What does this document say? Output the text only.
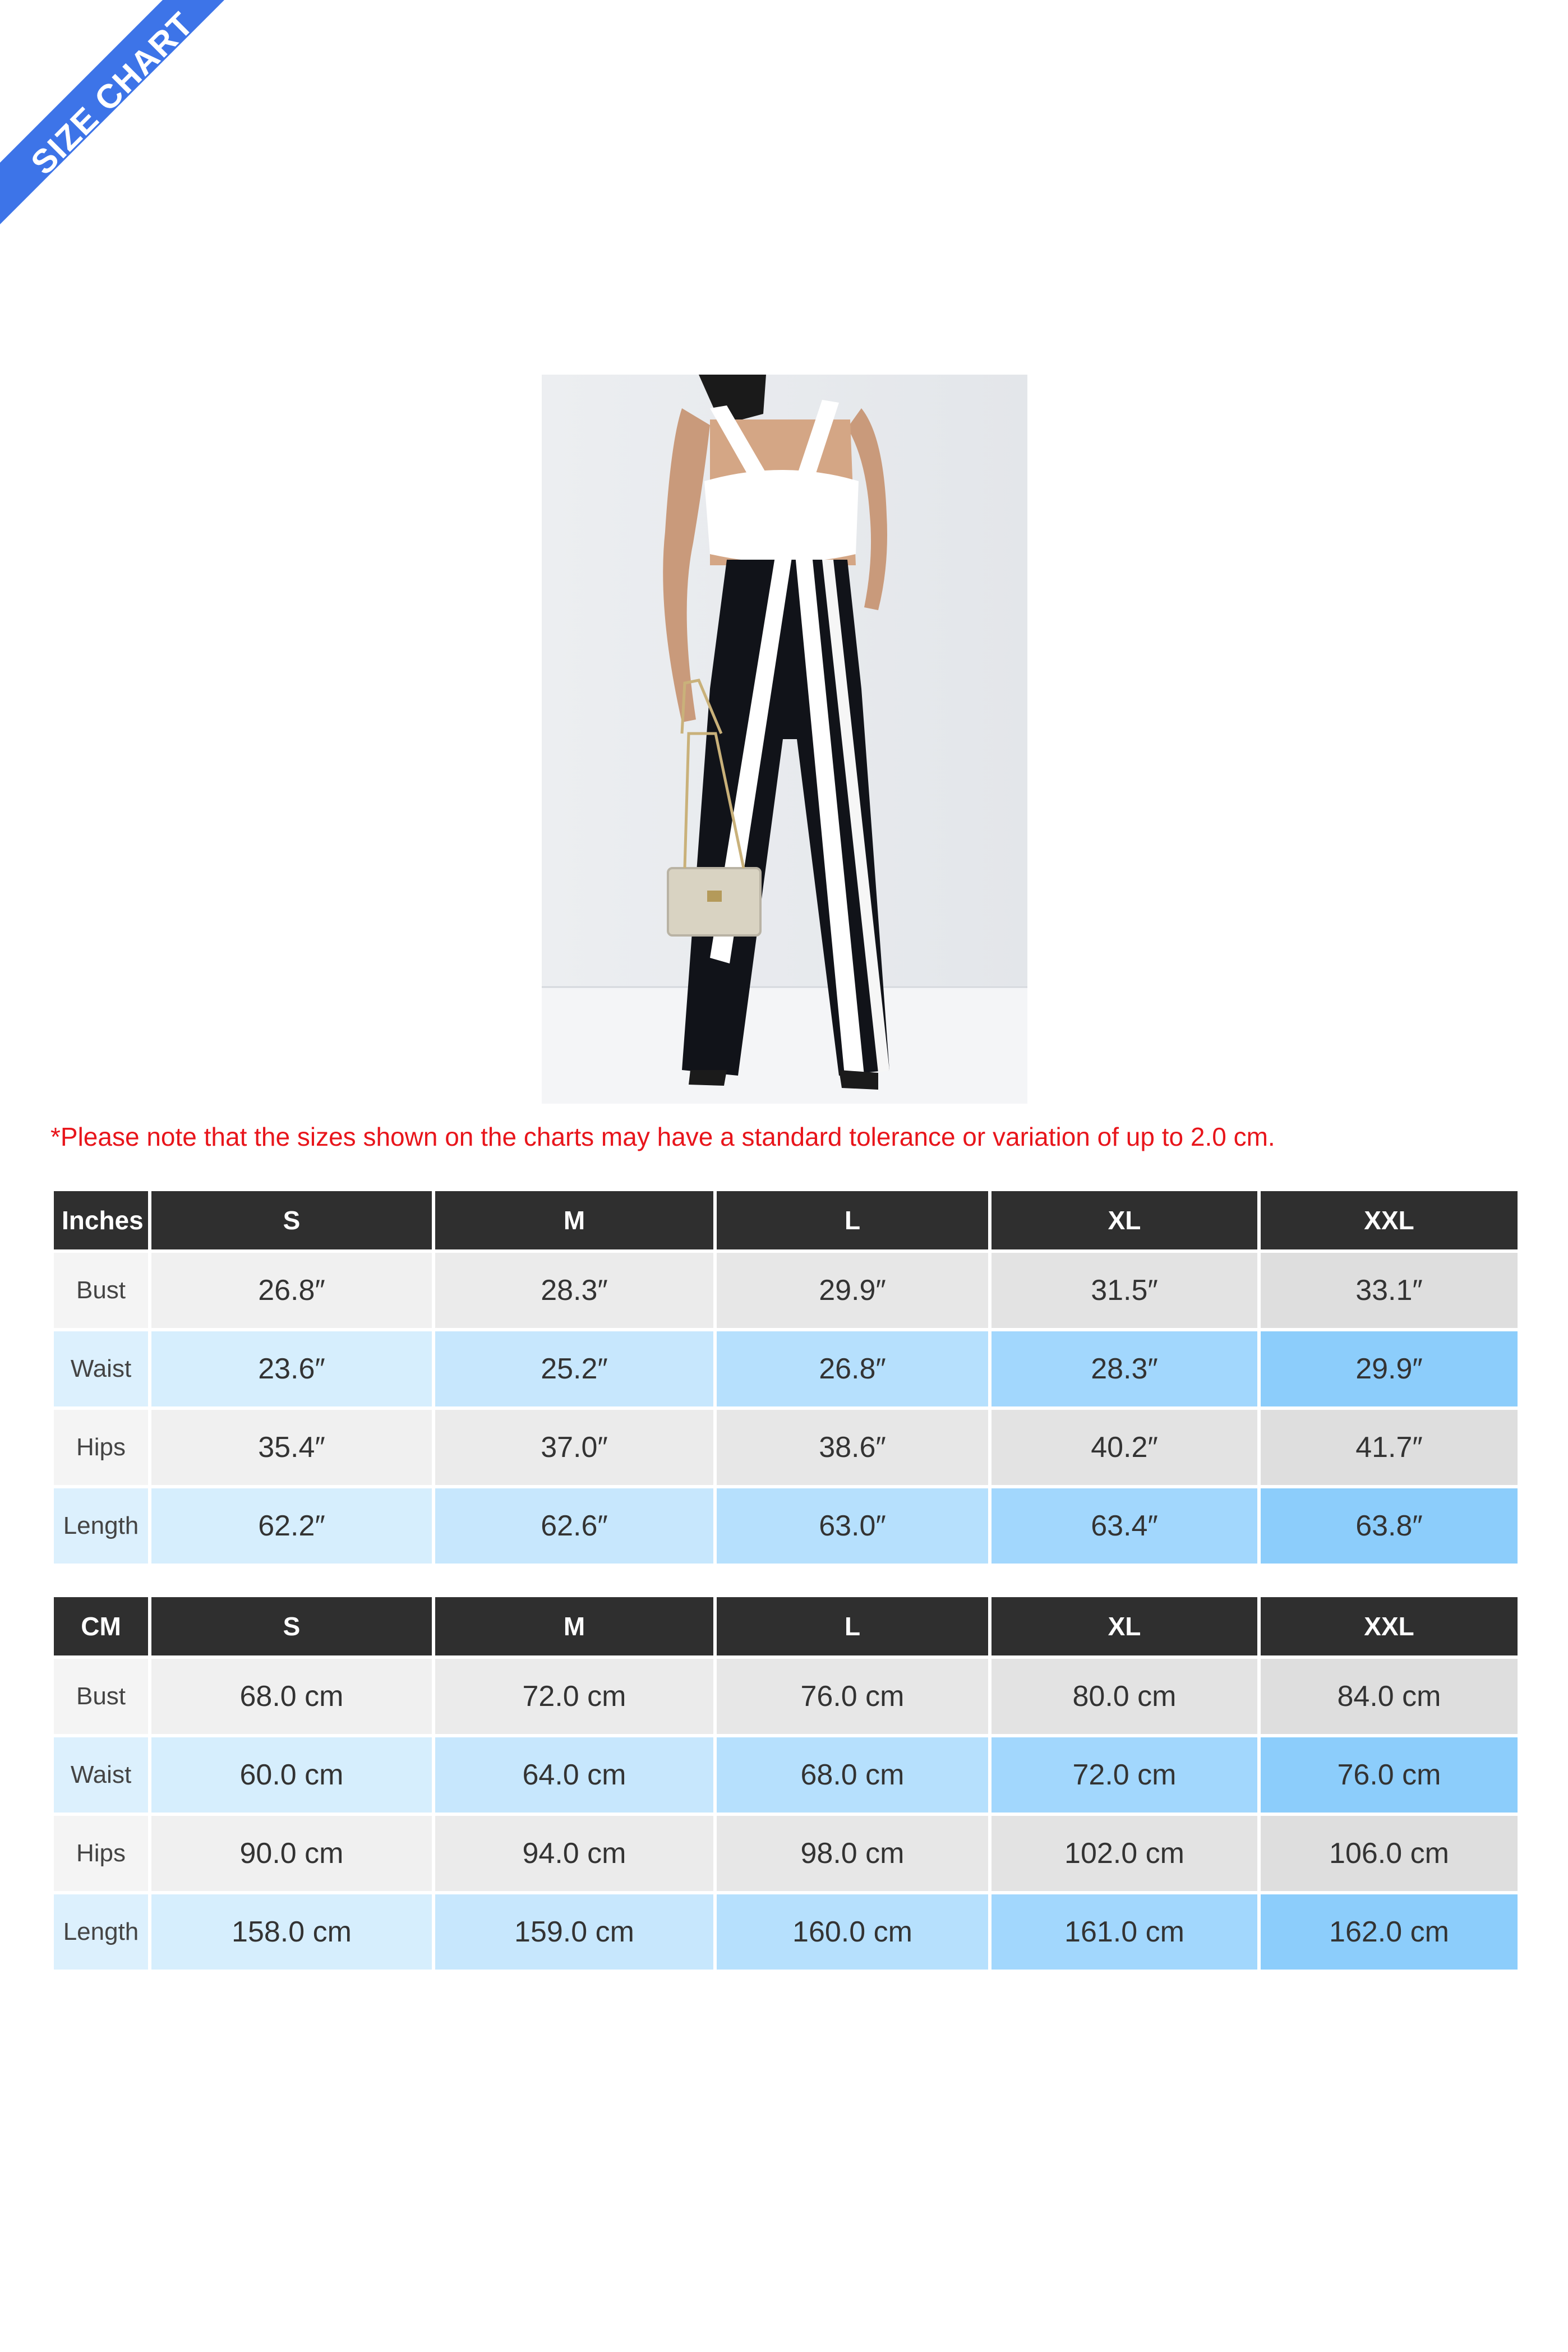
SIZE CHART
*Please note that the sizes shown on the charts may have a standard tolerance or variation of up to 2.0 cm.
Inches	S	M	L	XL	XXL
Bust	26.8″	28.3″	29.9″	31.5″	33.1″
Waist	23.6″	25.2″	26.8″	28.3″	29.9″
Hips	35.4″	37.0″	38.6″	40.2″	41.7″
Length	62.2″	62.6″	63.0″	63.4″	63.8″
CM	S	M	L	XL	XXL
Bust	68.0 cm	72.0 cm	76.0 cm	80.0 cm	84.0 cm
Waist	60.0 cm	64.0 cm	68.0 cm	72.0 cm	76.0 cm
Hips	90.0 cm	94.0 cm	98.0 cm	102.0 cm	106.0 cm
Length	158.0 cm	159.0 cm	160.0 cm	161.0 cm	162.0 cm
